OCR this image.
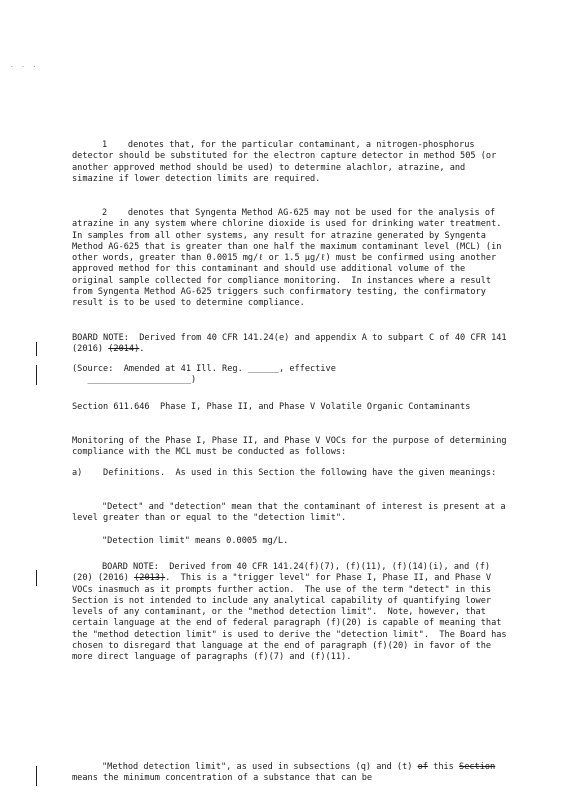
. . .

1 denotes that, for the particular contaminant, a nitrogen-phosphorus detector should be substituted for the electron capture detector in method 505 (or another approved method should be used) to determine alachlor, atrazine, and simazine if lower detection limits are required.

2 denotes that Syngenta Method AG-625 may not be used for the analysis of atrazine in any system where chlorine dioxide is used for drinking water treatment.  In samples from all other systems, any result for atrazine generated by Syngenta Method AG-625 that is greater than one half the maximum contaminant level (MCL) (in other words, greater than 0.0015 mg/ℓ or 1.5 μg/ℓ) must be confirmed using another approved method for this contaminant and should use additional volume of the original sample collected for compliance monitoring.  In instances where a result from Syngenta Method AG-625 triggers such confirmatory testing, the confirmatory result is to be used to determine compliance.

BOARD NOTE:  Derived from 40 CFR 141.24(e) and appendix A to subpart C of 40 CFR 141 (2016) (2014).

(Source:  Amended at 41 Ill. Reg. ______, effective
____________________)

Section 611.646  Phase I, Phase II, and Phase V Volatile Organic Contaminants

Monitoring of the Phase I, Phase II, and Phase V VOCs for the purpose of determining compliance with the MCL must be conducted as follows:

a)    Definitions.  As used in this Section the following have the given meanings:

"Detect" and "detection" mean that the contaminant of interest is present at a level greater than or equal to the "detection limit".

"Detection limit" means 0.0005 mg/L.

BOARD NOTE:  Derived from 40 CFR 141.24(f)(7), (f)(11), (f)(14)(i), and (f)(20) (2016) (2013).  This is a "trigger level" for Phase I, Phase II, and Phase V VOCs inasmuch as it prompts further action.  The use of the term "detect" in this Section is not intended to include any analytical capability of quantifying lower levels of any contaminant, or the "method detection limit".  Note, however, that certain language at the end of federal paragraph (f)(20) is capable of meaning that the "method detection limit" is used to derive the "detection limit".  The Board has chosen to disregard that language at the end of paragraph (f)(20) in favor of the more direct language of paragraphs (f)(7) and (f)(11).

"Method detection limit", as used in subsections (q) and (t) of this Section means the minimum concentration of a substance that can be
